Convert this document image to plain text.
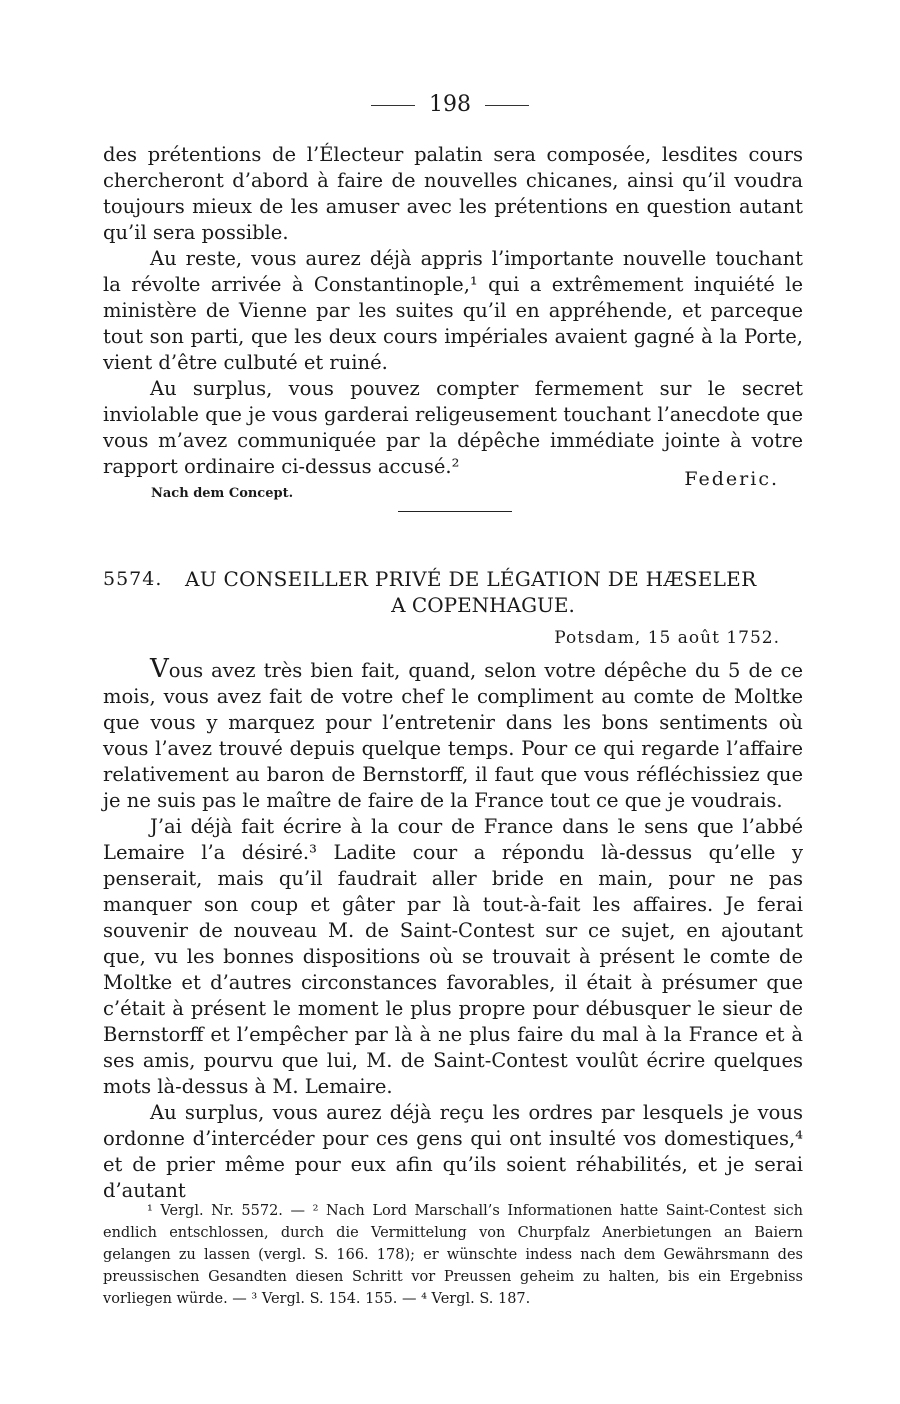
198

des prétentions de l’Électeur palatin sera composée, lesdites cours chercheront d’abord à faire de nouvelles chicanes, ainsi qu’il voudra toujours mieux de les amuser avec les prétentions en question autant qu’il sera possible.

Au reste, vous aurez déjà appris l’importante nouvelle touchant la révolte arrivée à Constantinople,¹ qui a extrêmement inquiété le ministère de Vienne par les suites qu’il en appréhende, et parceque tout son parti, que les deux cours impériales avaient gagné à la Porte, vient d’être culbuté et ruiné.

Au surplus, vous pouvez compter fermement sur le secret inviolable que je vous garderai religeusement touchant l’anecdote que vous m’avez communiquée par la dépêche immédiate jointe à votre rapport ordinaire ci-dessus accusé.²

Federic.
Nach dem Concept.
5574. AU CONSEILLER PRIVÉ DE LÉGATION DE HÆSELER
A COPENHAGUE.
Potsdam, 15 août 1752.

Vous avez très bien fait, quand, selon votre dépêche du 5 de ce mois, vous avez fait de votre chef le compliment au comte de Moltke que vous y marquez pour l’entretenir dans les bons sentiments où vous l’avez trouvé depuis quelque temps. Pour ce qui regarde l’affaire relativement au baron de Bernstorff, il faut que vous réfléchissiez que je ne suis pas le maître de faire de la France tout ce que je voudrais.

J’ai déjà fait écrire à la cour de France dans le sens que l’abbé Lemaire l’a désiré.³ Ladite cour a répondu là-dessus qu’elle y penserait, mais qu’il faudrait aller bride en main, pour ne pas manquer son coup et gâter par là tout-à-fait les affaires. Je ferai souvenir de nouveau M. de Saint-Contest sur ce sujet, en ajoutant que, vu les bonnes dispositions où se trouvait à présent le comte de Moltke et d’autres circonstances favorables, il était à présumer que c’était à présent le moment le plus propre pour débusquer le sieur de Bernstorff et l’empêcher par là à ne plus faire du mal à la France et à ses amis, pourvu que lui, M. de Saint-Contest voulût écrire quelques mots là-dessus à M. Lemaire.

Au surplus, vous aurez déjà reçu les ordres par lesquels je vous ordonne d’intercéder pour ces gens qui ont insulté vos domestiques,⁴ et de prier même pour eux afin qu’ils soient réhabilités, et je serai d’autant

¹ Vergl. Nr. 5572. — ² Nach Lord Marschall’s Informationen hatte Saint-Contest sich endlich entschlossen, durch die Vermittelung von Churpfalz Anerbietungen an Baiern gelangen zu lassen (vergl. S. 166. 178); er wünschte indess nach dem Gewährsmann des preussischen Gesandten diesen Schritt vor Preussen geheim zu halten, bis ein Ergebniss vorliegen würde. — ³ Vergl. S. 154. 155. — ⁴ Vergl. S. 187.
